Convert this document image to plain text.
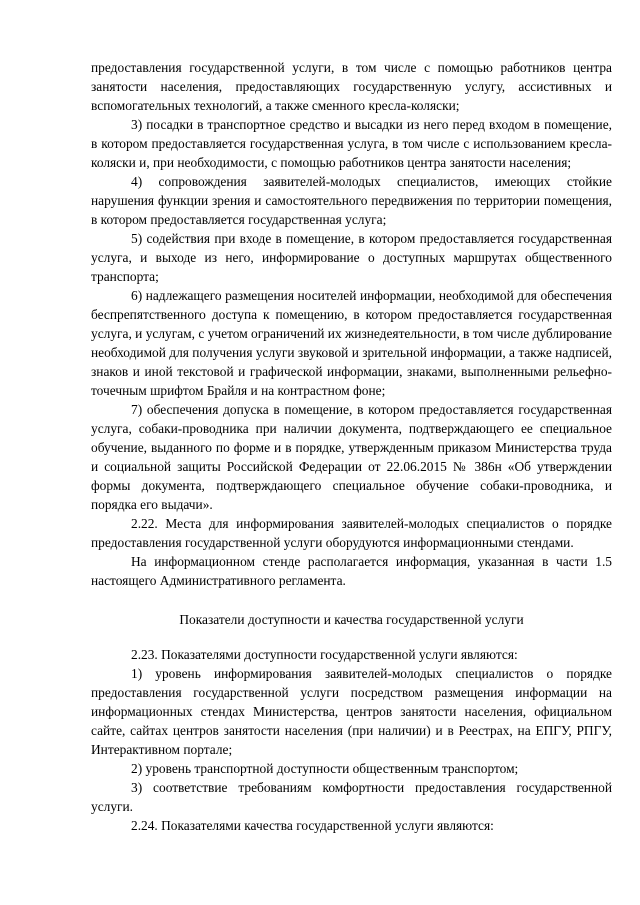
предоставления государственной услуги, в том числе с помощью работников центра занятости населения, предоставляющих государственную услугу, ассистивных и вспомогательных технологий, а также сменного кресла-коляски;

3) посадки в транспортное средство и высадки из него перед входом в помещение, в котором предоставляется государственная услуга, в том числе с использованием кресла-коляски и, при необходимости, с помощью работников центра занятости населения;

4) сопровождения заявителей-молодых специалистов, имеющих стойкие нарушения функции зрения и самостоятельного передвижения по территории помещения, в котором предоставляется государственная услуга;

5) содействия при входе в помещение, в котором предоставляется государственная услуга, и выходе из него, информирование о доступных маршрутах общественного транспорта;

6) надлежащего размещения носителей информации, необходимой для обеспечения беспрепятственного доступа к помещению, в котором предоставляется государственная услуга, и услугам, с учетом ограничений их жизнедеятельности, в том числе дублирование необходимой для получения услуги звуковой и зрительной информации, а также надписей, знаков и иной текстовой и графической информации, знаками, выполненными рельефно-точечным шрифтом Брайля и на контрастном фоне;

7) обеспечения допуска в помещение, в котором предоставляется государственная услуга, собаки-проводника при наличии документа, подтверждающего ее специальное обучение, выданного по форме и в порядке, утвержденным приказом Министерства труда и социальной защиты Российской Федерации от 22.06.2015 № 386н «Об утверждении формы документа, подтверждающего специальное обучение собаки-проводника, и порядка его выдачи».

2.22. Места для информирования заявителей-молодых специалистов о порядке предоставления государственной услуги оборудуются информационными стендами.

На информационном стенде располагается информация, указанная в части 1.5 настоящего Административного регламента.

Показатели доступности и качества государственной услуги

2.23. Показателями доступности государственной услуги являются:

1) уровень информирования заявителей-молодых специалистов о порядке предоставления государственной услуги посредством размещения информации на информационных стендах Министерства, центров занятости населения, официальном сайте, сайтах центров занятости населения (при наличии) и в Реестрах, на ЕПГУ, РПГУ, Интерактивном портале;

2) уровень транспортной доступности общественным транспортом;

3) соответствие требованиям комфортности предоставления государственной услуги.

2.24. Показателями качества государственной услуги являются:
